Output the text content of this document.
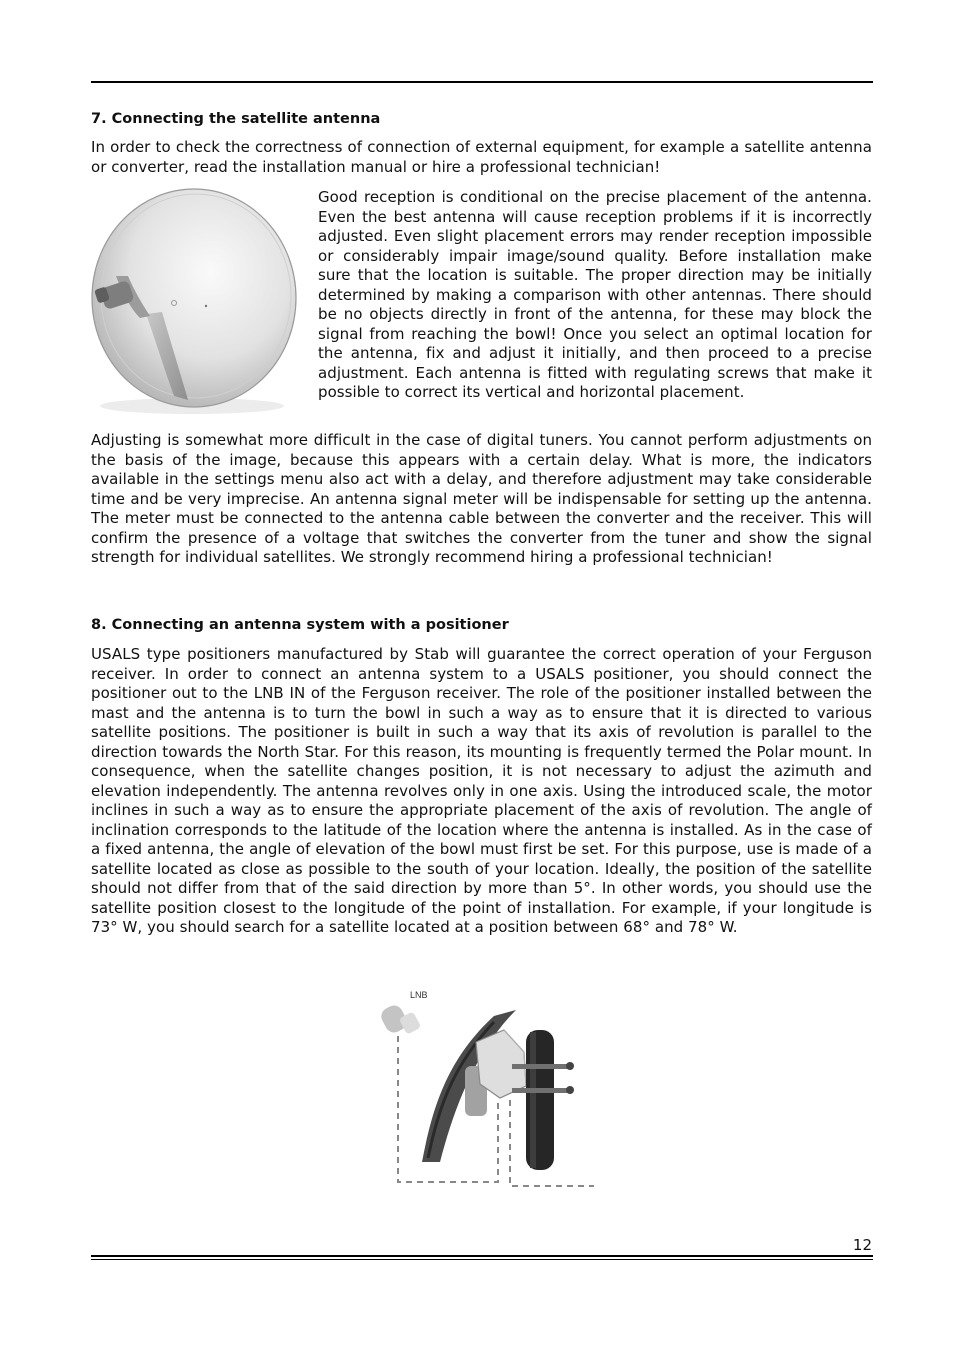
7. Connecting the satellite antenna

In order to check the correctness of connection of external equipment, for example a satellite antenna or converter, read the installation manual or hire a professional technician!

Good reception is conditional on the precise placement of the antenna. Even the best antenna will cause reception problems if it is incorrectly adjusted. Even slight placement errors may render reception impossible or considerably impair image/sound quality. Before installation make sure that the location is suitable. The proper direction may be initially determined by making a comparison with other antennas. There should be no objects directly in front of the antenna, for these may block the signal from reaching the bowl! Once you select an optimal location for the antenna, fix and adjust it initially, and then proceed to a precise adjustment. Each antenna is fitted with regulating screws that make it possible to correct its vertical and horizontal placement.

Adjusting is somewhat more difficult in the case of digital tuners. You cannot perform adjustments on the basis of the image, because this appears with a certain delay. What is more, the indicators available in the settings menu also act with a delay, and therefore adjustment may take considerable time and be very imprecise. An antenna signal meter will be indispensable for setting up the antenna. The meter must be connected to the antenna cable between the converter and the receiver. This will confirm the presence of a voltage that switches the converter from the tuner and show the signal strength for individual satellites. We strongly recommend hiring a professional technician!

8. Connecting an antenna system with a positioner

USALS type positioners manufactured by Stab will guarantee the correct operation of your Ferguson receiver. In order to connect an antenna system to a USALS positioner, you should connect the positioner out to the LNB IN of the Ferguson receiver. The role of the positioner installed between the mast and the antenna is to turn the bowl in such a way as to ensure that it is directed to various satellite positions. The positioner is built in such a way that its axis of revolution is parallel to the direction towards the North Star. For this reason, its mounting is frequently termed the Polar mount. In consequence, when the satellite changes position, it is not necessary to adjust the azimuth and elevation independently. The antenna revolves only in one axis. Using the introduced scale, the motor inclines in such a way as to ensure the appropriate placement of the axis of revolution. The angle of inclination corresponds to the latitude of the location where the antenna is installed. As in the case of a fixed antenna, the angle of elevation of the bowl must first be set. For this purpose, use is made of a satellite located as close as possible to the south of your location. Ideally, the position of the satellite should not differ from that of the said direction by more than 5°. In other words, you should use the satellite position closest to the longitude of the point of installation. For example, if your longitude is 73° W, you should search for a satellite located at a position between 68° and 78° W.

LNB
12
